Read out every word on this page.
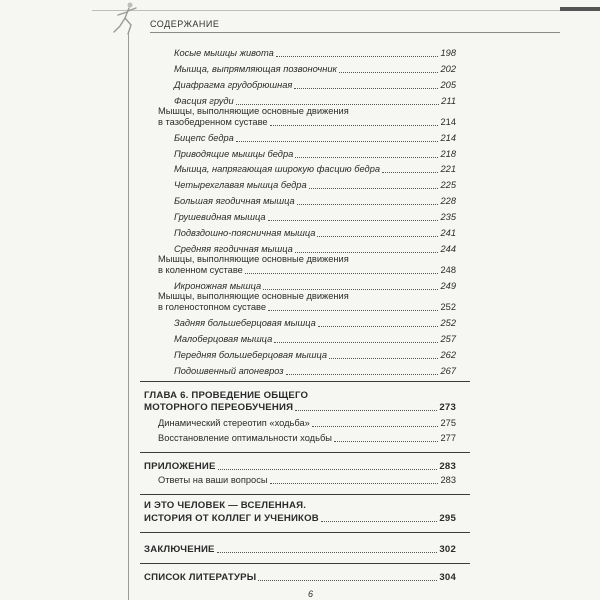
СОДЕРЖАНИЕ
Косые мышцы живота	198
Мышца, выпрямляющая позвоночник	202
Диафрагма грудобрюшная	205
Фасция груди	211
Мышцы, выполняющие основные движения
в тазобедренном суставе	214
Бицепс бедра	214
Приводящие мышцы бедра	218
Мышца, напрягающая широкую фасцию бедра	221
Четырехглавая мышца бедра	225
Большая ягодичная мышца	228
Грушевидная мышца	235
Подвздошно-поясничная мышца	241
Средняя ягодичная мышца	244
Мышцы, выполняющие основные движения
в коленном суставе	248
Икроножная мышца	249
Мышцы, выполняющие основные движения
в голеностопном суставе	252
Задняя большеберцовая мышца	252
Малоберцовая мышца	257
Передняя большеберцовая мышца	262
Подошвенный апоневроз	267
ГЛАВА 6. ПРОВЕДЕНИЕ ОБЩЕГО
МОТОРНОГО ПЕРЕОБУЧЕНИЯ	273
Динамический стереотип «ходьба»	275
Восстановление оптимальности ходьбы	277
ПРИЛОЖЕНИЕ	283
Ответы на ваши вопросы	283
И ЭТО ЧЕЛОВЕК — ВСЕЛЕННАЯ.
ИСТОРИЯ ОТ КОЛЛЕГ И УЧЕНИКОВ	295
ЗАКЛЮЧЕНИЕ	302
СПИСОК ЛИТЕРАТУРЫ	304
6
